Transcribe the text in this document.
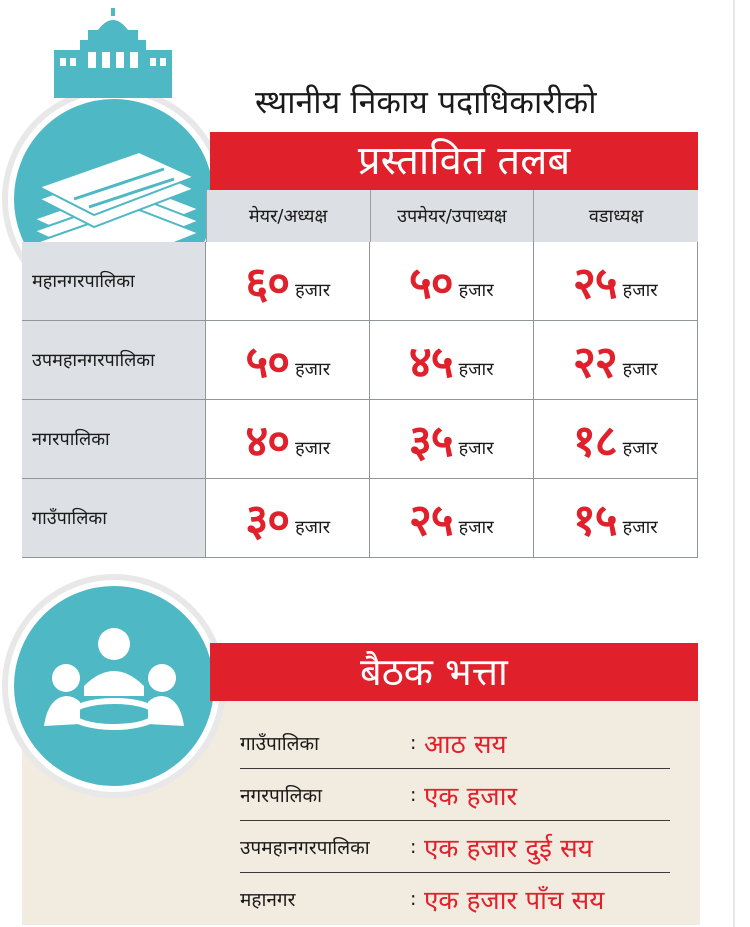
स्थानीय निकाय पदाधिकारीको
प्रस्तावित तलब
मेयर/अध्यक्ष	उपमेयर/उपाध्यक्ष	वडाध्यक्ष
महानगरपालिका	६० हजार ५० हजार २५ हजार
उपमहानगरपालिका	५० हजार ४५ हजार २२ हजार
नगरपालिका	४० हजार ३५ हजार १८ हजार
गाउँपालिका	३० हजार २५ हजार १५ हजार
बैठक भत्ता
गाउँपालिका	: आठ सय
नगरपालिका	: एक हजार
उपमहानगरपालिका	: एक हजार दुई सय
महानगर	: एक हजार पाँच सय
